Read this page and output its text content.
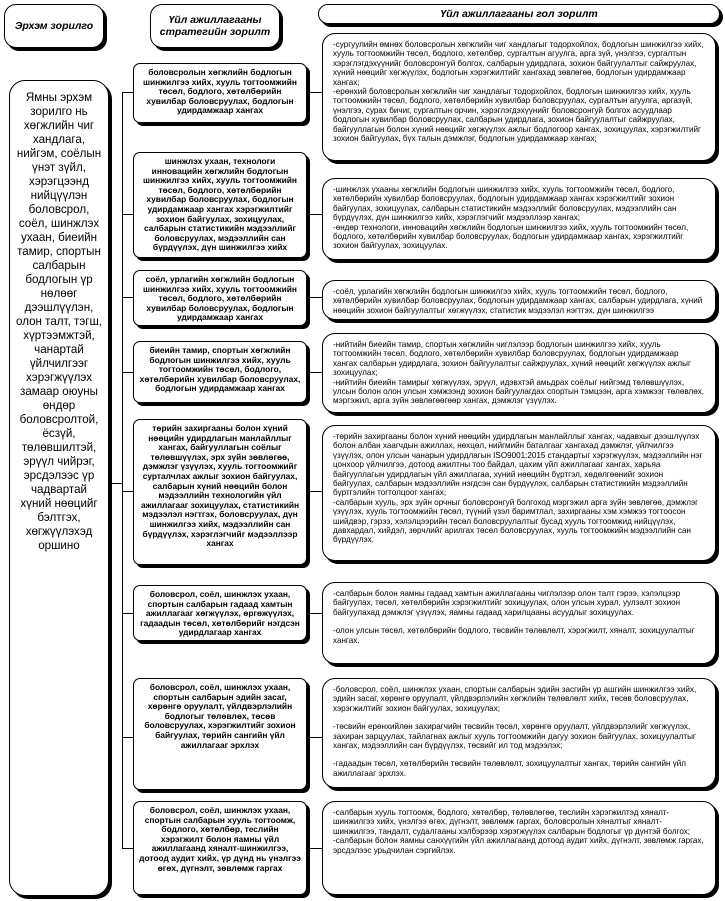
Эрхэм зорилго	Үйл ажиллагааны стратегийн зорилт
Үйл ажиллагааны гол зорилт
Ямны эрхэм зорилго нь хөгжлийн чиг хандлага, нийгэм, соёлын үнэт зүйл, хэрэгцээнд нийцүүлэн боловсрол, соёл, шинжлэх ухаан, биеийн тамир, спортын салбарын бодлогын үр нөлөөг дээшлүүлэн, олон талт, тэгш, хүртээмжтэй, чанартай үйлчилгээг хэрэгжүүлэх замаар оюуны өндөр боловсролтой, ёсзүй, төлөвшилтэй, эрүүл чийрэг, эрсдэлээс үр чадвартай хүний нөөцийг бэлтгэх, хөгжүүлэхэд оршино
боловсролын хөгжлийн бодлогын шинжилгээ хийх, хууль тогтоомжийн төсөл, бодлого, хөтөлбөрийн хувилбар боловсруулах, бодлогын удирдамжаар хангах

-сургуулийн өмнөх боловсролын хөгжлийн чиг хандлагыг тодорхойлох, бодлогын шинжилгээ хийх, хууль тогтоомжийн төсөл, бодлого, хөтөлбөр, сургалтын агуулга, арга зүй, үнэлгээ, сургалтын хэрэглэгдэхүүнийг боловсронгуй болгох, салбарын удирдлага, зохион байгуулалтыг сайжруулах, хүний нөөцийг хөгжүүлэх, бодлогын хэрэгжилтийг хангахад зөвлөгөө, бодлогын удирдамжаар хангах;

-ерөнхий боловсролын хөгжлийн чиг хандлагыг тодорхойлох, бодлогын шинжилгээ хийх, хууль тогтоомжийн төсөл, бодлого, хөтөлбөрийн хувилбар боловсруулах, сургалтын агуулга, аргазүй, үнэлгээ, сурах бичиг, сургалтын орчин, хэрэглэгдэхүүнийг боловсронгуй болгох асуудлаар бодлогын хувилбар боловсруулах, салбарын удирдлага, зохион байгуулалтыг сайжруулах, байгууллагын болон хүний нөөцийг хөгжүүлэх ажлыг бодлогоор хангах, зохицуулах, хэрэгжилтийг зохион байгуулах, бүх талын дэмжлэг, бодлогын удирдамжаар хангах;

шинжлэх ухаан, технологи инновацийн хөгжлийн бодлогын шинжилгээ хийх, хууль тогтоомжийн төсөл, бодлого, хөтөлбөрийн хувилбар боловсруулах, бодлогын удирдамжаар хангах хэрэгжилтийг зохион байгуулах, зохицуулах, салбарын статистикийн мэдээллийг боловсруулах, мэдээллийн сан бүрдүүлэх, дүн шинжилгээ хийх

-шинжлэх ухааны хөгжлийн бодлогын шинжилгээ хийх, хууль тогтоомжийн төсөл, бодлого, хөтөлбөрийн хувилбар боловсруулах, бодлогын удирдамжаар хангах хэрэгжилтийг зохион байгуулах, зохицуулах, салбарын статистикийн мэдээллийг боловсруулах, мэдээллийн сан бүрдүүлэх, дүн шинжилгээ хийх, хэрэглэгчийг мэдээллээр хангах;

-өндөр технологи, инновацийн хөгжлийн бодлогын шинжилгээ хийх, хууль тогтоомжийн төсөл, бодлого, хөтөлбөрийн хувилбар боловсруулах, бодлогын удирдамжаар хангах, хэрэгжилтийг зохион байгуулах, зохицуулах.

соёл, урлагийн хөгжлийн бодлогын шинжилгээ хийх, хууль тогтоомжийн төсөл, бодлого, хөтөлбөрийн хувилбар боловсруулах, бодлогын удирдамжаар хангах

-соёл, урлагийн хөгжлийн бодлогын шинжилгээ хийх, хууль тогтоомжийн төсөл, бодлого, хөтөлбөрийн хувилбар боловсруулах, бодлогын удирдамжаар хангах, салбарын удирдлага, хүний нөөцийн зохион байгуулалтыг хөгжүүлэх, статистик мэдээлэл нэгтгэх, дүн шинжилгээ

биеийн тамир, спортын хөгжлийн бодлогын шинжилгээ хийх, хууль тогтоомжийн төсөл, бодлого, хөтөлбөрийн хувилбар боловсруулах, бодлогын удирдамжаар хангах

-нийтийн биеийн тамир, спортын хөгжлийн чиглэлээр бодлогын шинжилгээ хийх, хууль тогтоомжийн төсөл, бодлого, хөтөлбөрийн хувилбар боловсруулах, бодлогын удирдамжаар хангах салбарын удирдлага, зохион байгуулалтыг сайжруулах, хүний нөөцийг хөгжүүлэх ажлыг зохицуулах;

-нийтийн биеийн тамирыг хөгжүүлэх, эрүүл, идэвхтэй амьдрах соёлыг нийгэмд төлөвшүүлэх, улсын болон олон улсын хэмжээнд зохион байгуулагдах спортын тэмцээн, арга хэмжээг төлөвлөх, мэргэжил, арга зүйн зөвлөгөөгөөр хангах, дэмжлэг үзүүлэх.

төрийн захиргааны болон хүний нөөцийн удирдлагын манлайллыг хангах, байгууллагын соёлыг төлөвшүүлэх, эрх зүйн зөвлөгөө, дэмжлэг үзүүлэх, хууль тогтоомжийг сурталчлах ажлыг зохион байгуулах, салбарын хүний нөөцийн болон мэдээллийн технологийн үйл ажиллагааг зохицуулах, статистикийн мэдээлэл нэгтгэх, боловсруулах, дүн шинжилгээ хийх, мэдээллийн сан бүрдүүлэх, хэрэглэгчийг мэдээллээр хангах

-төрийн захиргааны болон хүний нөөцийн удирдлагын манлайллыг хангах, чадавхыг дээшлүүлэх болон албан хаагчдын ажиллах, нөхцөл, нийгмийн баталгааг хангахад дэмжлэг, үйлчилгээ үзүүлэх, олон улсын чанарын удирдлагын ISO9001:2015 стандартыг хэрэгжүүлэх, мэдээллийн нэг цонхоор үйлчилгээ, дотоод ажилтны тоо байдал, цахим үйл ажиллагааг хангах, харьяа байгууллагын удирдлагын үйл ажиллагаа, хүний нөөцийн бүртгэл, хөдөлгөөнийг зохион байгуулах, салбарын мэдээллийн нэгдсэн сан бүрдүүлэх, салбарын статистикийн мэдээллийн бүртгэлийн тогтолцоог хангах;

-салбарын хууль, эрх зүйн орчныг боловсронгуй болгоход мэргэжил арга зүйн зөвлөгөө, дэмжлэг үзүүлэх, хууль тогтоомжийн төсөл, түүний үзэл баримтлал, захиргааны хэм хэмжээ тогтоосон шийдвэр, гэрээ, хэлэлцээрийн төсөл боловсруулалтыг бусад хууль тогтоомжид нийцүүлэх, давхардал, хийдэл, зөрчлийг арилгах төсөл боловсруулах, хууль тогтоомжийн мэдээллийн сан бүрдүүлэх.

боловсрол, соёл, шинжлэх ухаан, спортын салбарын гадаад хамтын ажиллагааг хөгжүүлэх, өргөжүүлэх, гадаадын төсөл, хөтөлбөрийг нэгдсэн удирдлагаар хангах

-салбарын болон яамны гадаад хамтын ажиллагааны чиглэлээр олон талт гэрээ, хэлэлцээр байгуулах, төсөл, хөтөлбөрийн хэрэгжилтийг зохицуулах, олон улсын хурал, уулзалт зохион байгуулахад дэмжлэг үзүүлэх, яамны гадаад харилцааны асуудлыг зохицуулах.

-олон улсын төсөл, хөтөлбөрийн бодлого, төсвийн төлөвлөлт, хэрэгжилт, хяналт, зохицуулалтыг хангах.

боловсрол, соёл, шинжлэх ухаан, спортын салбарын эдийн засаг, хөрөнгө оруулалт, үйлдвэрлэлийн бодлогыг төлөвлөх, төсөв боловсруулах, хэрэгжилтийг зохион байгуулах, төрийн сангийн үйл ажиллагааг эрхлэх

-боловсрол, соёл, шинжлэх ухаан, спортын салбарын эдийн засгийн үр ашгийн шинжилгээ хийх, эдийн засаг, хөрөнгө оруулалт, үйлдвэрлэлийн хөгжлийн төлөвлөлт хийх, төсөв боловсруулах, хэрэгжилтийг зохион байгуулах, зохицуулах;

-төсвийн ерөнхийлөн захирагчийн төсвийн төсөл, хөрөнгө оруулалт, үйлдвэрлэлийг хөгжүүлэх, захиран зарцуулах, тайлагнах ажлыг хууль тогтоомжийн дагуу зохион байгуулах, зохицуулалтыг хангах, мэдээллийн сан бүрдүүлэх, төсвийг ил тод мэдээлэх;

-гадаадын төсөл, хөтөлбөрийн төсвийн төлөвлөлт, зохицуулалтыг хангах, төрийн сангийн үйл ажиллагааг эрхлэх.

боловсрол, соёл, шинжлэх ухаан, спортын салбарын хууль тогтоомж, бодлого, хөтөлбөр, теслийн хэрэгжилт болон яамны үйл ажиллагаанд хяналт-шинжилгээ, дотоод аудит хийх, үр дүнд нь үнэлгээ өгөх, дүгнэлт, зөвлөмж гаргах

-салбарын хууль тогтоомж, бодлого, хөтөлбөр, төлөвлөгөө, төслийн хэрэгжилтэд хяналт-шинжилгээ хийх, үнэлгээ өгөх, дүгнэлт, зөвлөмж гаргах, боловсролын хяналтыг хяналт-шинжилгээ, тандалт, судалгааны хэлбэрээр хэрэгжүүлэх салбарын бодлогыг үр дүнтэй болгох;

-салбарын болон яамны санхүүгийн үйл ажиллагаанд дотоод аудит хийх, дүгнэлт, зөвлөмж гаргах, эрсдэлээс урьдчилан сэргийлэх.
